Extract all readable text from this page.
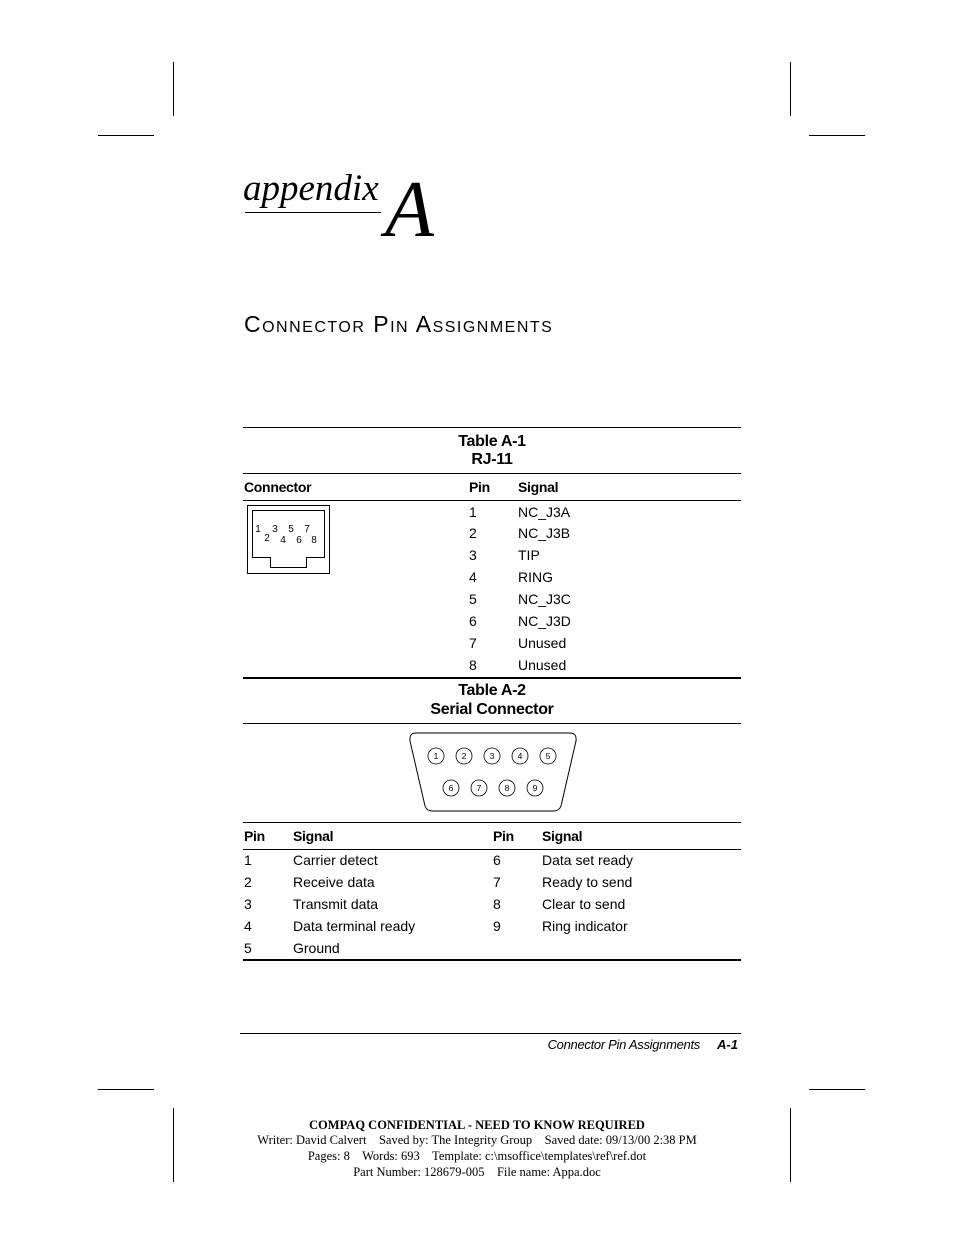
appendix A
Connector Pin Assignments
Table A-1
RJ-11
Connector	Pin Signal
1 3 5 7
2 4 6 8
1	NC_J3A
2	NC_J3B
3	TIP
4	RING
5	NC_J3C
6	NC_J3D
7	Unused
8	Unused
Table A-2
Serial Connector
1	2	3	4	5
6	7	8	9
Pin Signal	Pin Signal
1	Carrier detect	6	Data set ready
2	Receive data	7	Ready to send
3	Transmit data	8	Clear to send
4	Data terminal ready	9	Ring indicator
5	Ground
Connector Pin Assignments A-1
COMPAQ CONFIDENTIAL - NEED TO KNOW REQUIRED
Writer: David Calvert    Saved by: The Integrity Group    Saved date: 09/13/00 2:38 PM
Pages: 8    Words: 693    Template: c:\msoffice\templates\ref\ref.dot
Part Number: 128679-005    File name: Appa.doc
